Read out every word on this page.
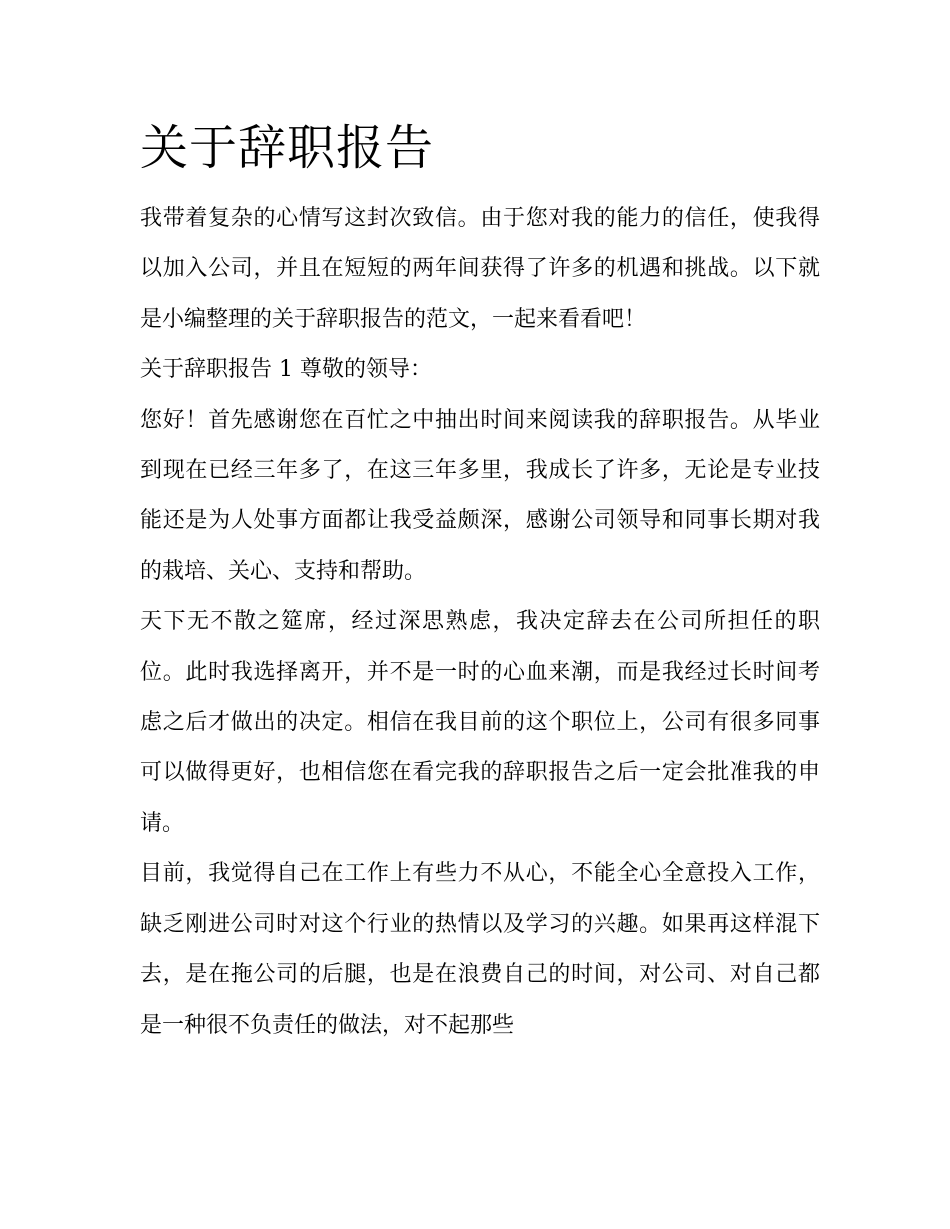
关于辞职报告

我带着复杂的心情写这封次致信。由于您对我的能力的信任，使我得以加入公司，并且在短短的两年间获得了许多的机遇和挑战。以下就是小编整理的关于辞职报告的范文，一起来看看吧！

关于辞职报告 1 尊敬的领导：

您好！首先感谢您在百忙之中抽出时间来阅读我的辞职报告。从毕业到现在已经三年多了，在这三年多里，我成长了许多，无论是专业技能还是为人处事方面都让我受益颇深，感谢公司领导和同事长期对我的栽培、关心、支持和帮助。

天下无不散之筵席，经过深思熟虑，我决定辞去在公司所担任的职位。此时我选择离开，并不是一时的心血来潮，而是我经过长时间考虑之后才做出的决定。相信在我目前的这个职位上，公司有很多同事可以做得更好，也相信您在看完我的辞职报告之后一定会批准我的申请。

目前，我觉得自己在工作上有些力不从心，不能全心全意投入工作，缺乏刚进公司时对这个行业的热情以及学习的兴趣。如果再这样混下去，是在拖公司的后腿，也是在浪费自己的时间，对公司、对自己都是一种很不负责任的做法，对不起那些
